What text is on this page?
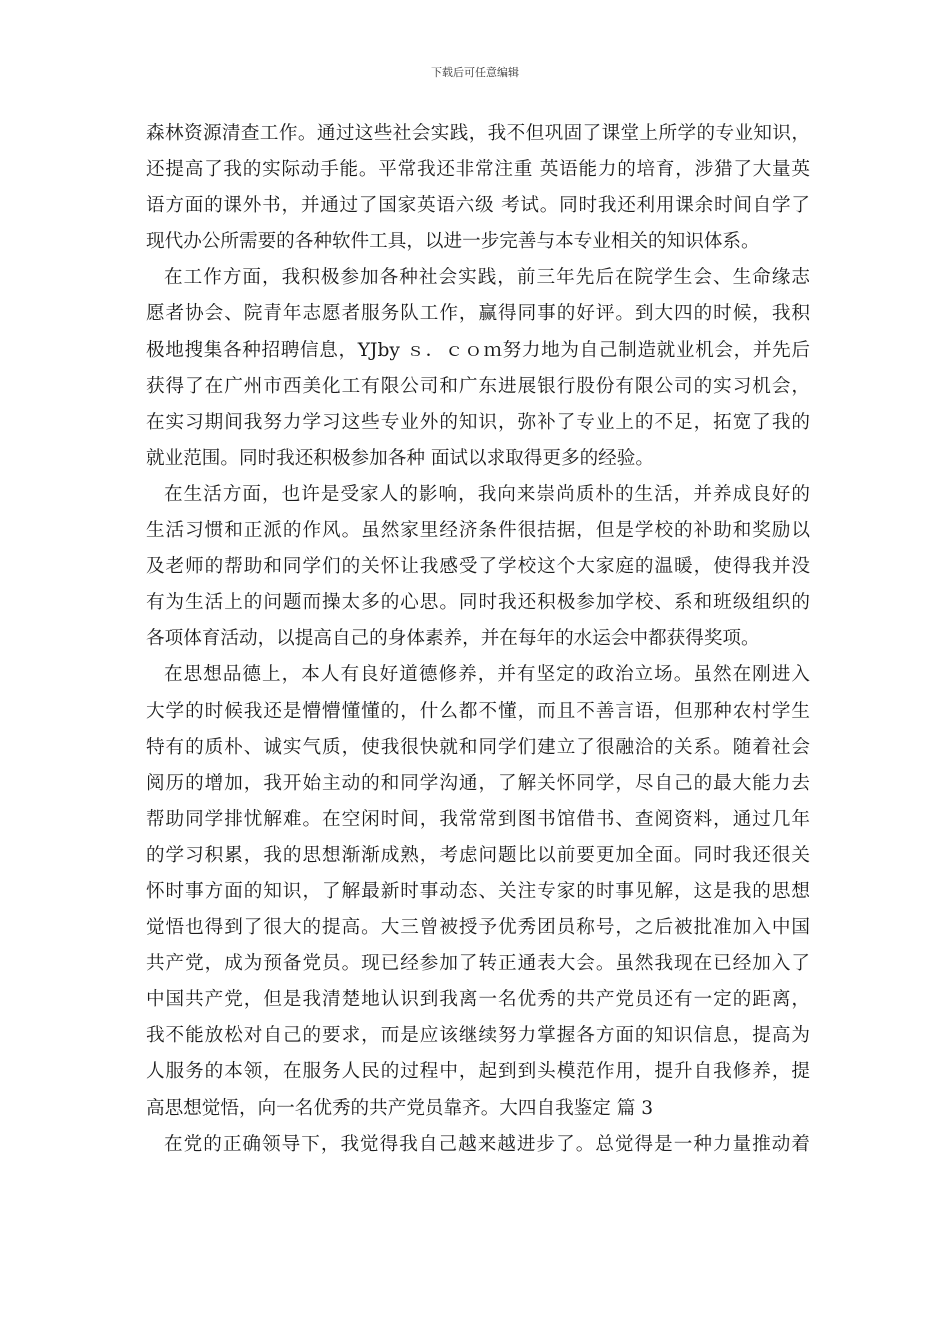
下载后可任意编辑
森林资源清查工作。通过这些社会实践，我不但巩固了课堂上所学的专业知识，
还提高了我的实际动手能。平常我还非常注重 英语能力的培育，涉猎了大量英
语方面的课外书，并通过了国家英语六级 考试。同时我还利用课余时间自学了
现代办公所需要的各种软件工具，以进一步完善与本专业相关的知识体系。
在工作方面，我积极参加各种社会实践，前三年先后在院学生会、生命缘志
愿者协会、院青年志愿者服务队工作，赢得同事的好评。到大四的时候，我积
极地搜集各种招聘信息，YJby ｓ．ｃｏｍ努力地为自己制造就业机会，并先后
获得了在广州市西美化工有限公司和广东进展银行股份有限公司的实习机会，
在实习期间我努力学习这些专业外的知识，弥补了专业上的不足，拓宽了我的
就业范围。同时我还积极参加各种 面试以求取得更多的经验。
在生活方面，也许是受家人的影响，我向来崇尚质朴的生活，并养成良好的
生活习惯和正派的作风。虽然家里经济条件很拮据，但是学校的补助和奖励以
及老师的帮助和同学们的关怀让我感受了学校这个大家庭的温暖，使得我并没
有为生活上的问题而操太多的心思。同时我还积极参加学校、系和班级组织的
各项体育活动，以提高自己的身体素养，并在每年的水运会中都获得奖项。
在思想品德上，本人有良好道德修养，并有坚定的政治立场。虽然在刚进入
大学的时候我还是懵懵懂懂的，什么都不懂，而且不善言语，但那种农村学生
特有的质朴、诚实气质，使我很快就和同学们建立了很融洽的关系。随着社会
阅历的增加，我开始主动的和同学沟通，了解关怀同学，尽自己的最大能力去
帮助同学排忧解难。在空闲时间，我常常到图书馆借书、查阅资料，通过几年
的学习积累，我的思想渐渐成熟，考虑问题比以前要更加全面。同时我还很关
怀时事方面的知识，了解最新时事动态、关注专家的时事见解，这是我的思想
觉悟也得到了很大的提高。大三曾被授予优秀团员称号，之后被批准加入中国
共产党，成为预备党员。现已经参加了转正通表大会。虽然我现在已经加入了
中国共产党，但是我清楚地认识到我离一名优秀的共产党员还有一定的距离，
我不能放松对自己的要求，而是应该继续努力掌握各方面的知识信息，提高为
人服务的本领，在服务人民的过程中，起到到头模范作用，提升自我修养，提
高思想觉悟，向一名优秀的共产党员靠齐。大四自我鉴定 篇 3
在党的正确领导下，我觉得我自己越来越进步了。总觉得是一种力量推动着
